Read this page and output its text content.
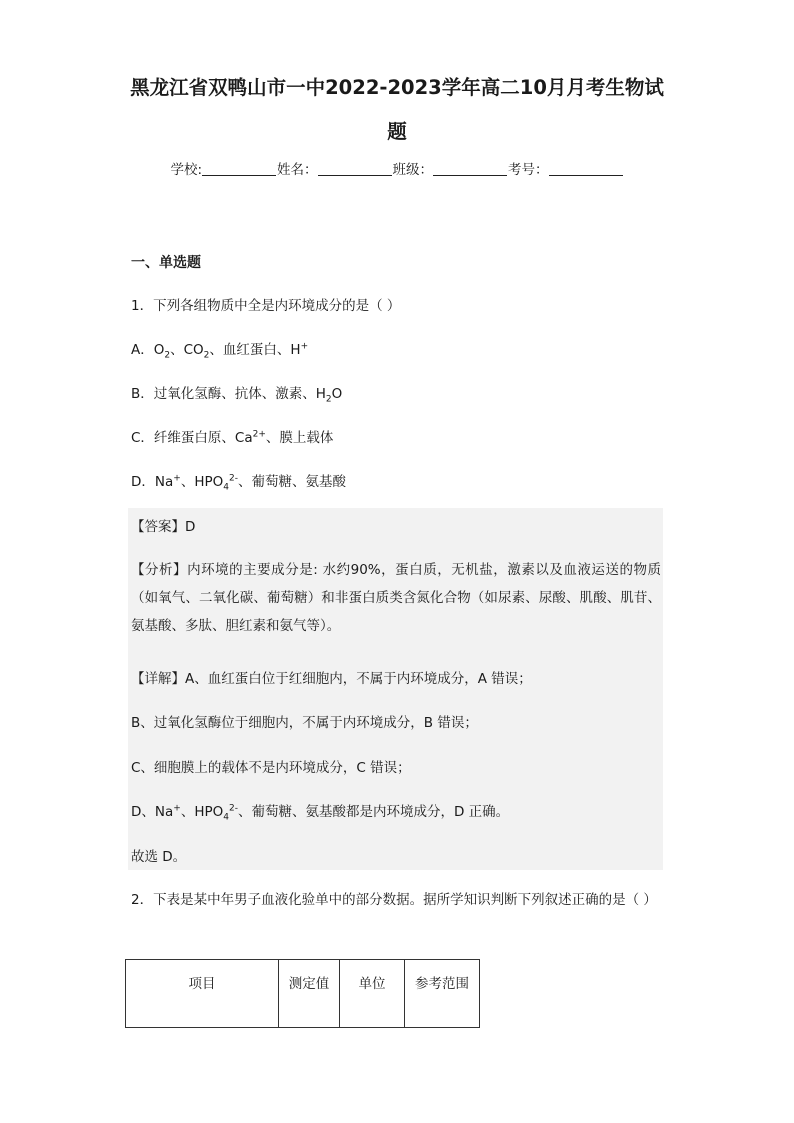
黑龙江省双鸭山市一中2022-2023学年高二10月月考生物试
题
学校:	姓名：	班级：	考号：
一、单选题
1．下列各组物质中全是内环境成分的是（ ）
A．$O_2$、$CO_2$、血红蛋白、H+
B．过氧化氢酶、抗体、激素、$H_2O$
C．纤维蛋白原、$Ca^{2+}$、膜上载体
D．Na+、$HPO_4^{2-}$、葡萄糖、氨基酸
【答案】D
【分析】内环境的主要成分是: 水约90%，蛋白质，无机盐，激素以及血液运送的物质（如氧气、二氧化碳、葡萄糖）和非蛋白质类含氮化合物（如尿素、尿酸、肌酸、肌苷、氨基酸、多肽、胆红素和氨气等）。
【详解】A、血红蛋白位于红细胞内，不属于内环境成分，A 错误；
B、过氧化氢酶位于细胞内，不属于内环境成分，B 错误；
C、细胞膜上的载体不是内环境成分，C 错误；
D、Na+、$HPO_4^{2-}$、葡萄糖、氨基酸都是内环境成分，D 正确。
故选 D。
2．下表是某中年男子血液化验单中的部分数据。据所学知识判断下列叙述正确的是（ ）
项目	测定值	单位	参考范围
